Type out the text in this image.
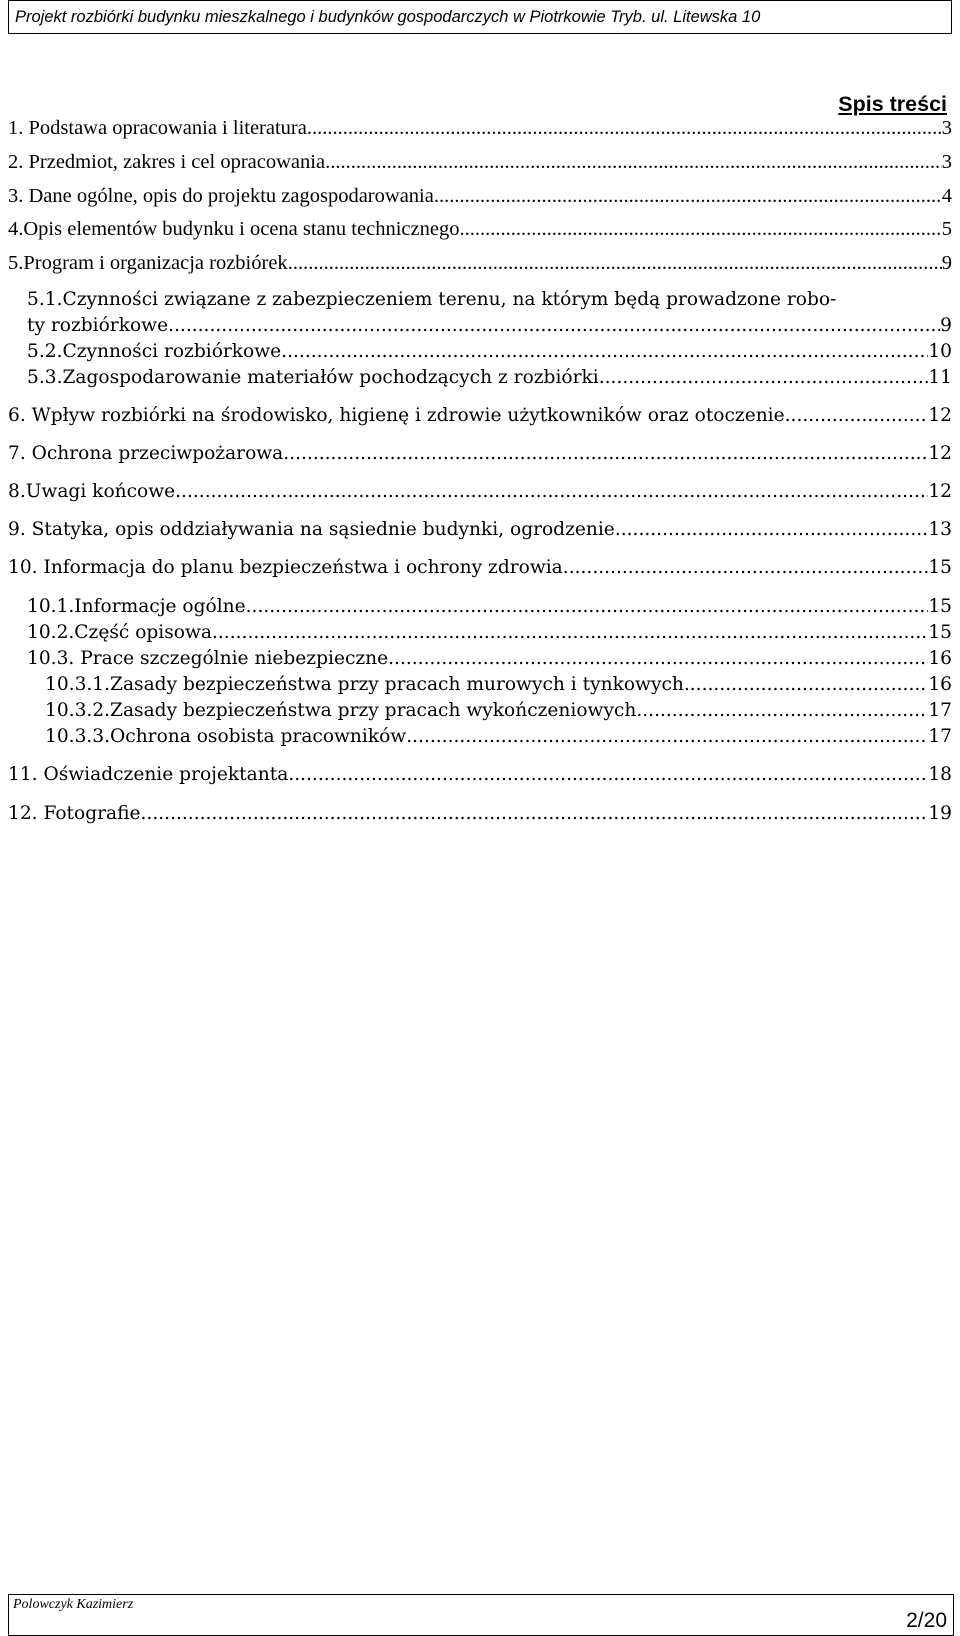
Projekt rozbiórki budynku mieszkalnego i budynków gospodarczych w Piotrkowie Tryb. ul. Litewska 10
Spis treści
1. Podstawa opracowania i literatura .....	3
2. Przedmiot, zakres i cel opracowania .....	3
3. Dane ogólne, opis do projektu zagospodarowania .....	4
4.Opis elementów budynku i ocena stanu technicznego .....	5
5.Program i organizacja rozbiórek .....	9
5.1.Czynności związane z zabezpieczeniem terenu, na którym będą prowadzone robo-
ty rozbiórkowe .....	9
5.2.Czynności rozbiórkowe .....	10
5.3.Zagospodarowanie materiałów pochodzących z rozbiórki .....	11
6. Wpływ rozbiórki na środowisko, higienę i zdrowie użytkowników oraz otoczenie .....	12
7. Ochrona przeciwpożarowa .....	12
8.Uwagi końcowe .....	12
9. Statyka, opis oddziaływania na sąsiednie budynki, ogrodzenie .....	13
10. Informacja do planu bezpieczeństwa i ochrony zdrowia .....	15
10.1.Informacje ogólne .....	15
10.2.Część opisowa .....	15
10.3. Prace szczególnie niebezpieczne .....	16
10.3.1.Zasady bezpieczeństwa przy pracach murowych i tynkowych .....	16
10.3.2.Zasady bezpieczeństwa przy pracach wykończeniowych .....	17
10.3.3.Ochrona osobista pracowników .....	17
11. Oświadczenie projektanta .....	18
12. Fotografie .....	19
Polowczyk Kazimierz
2/20
